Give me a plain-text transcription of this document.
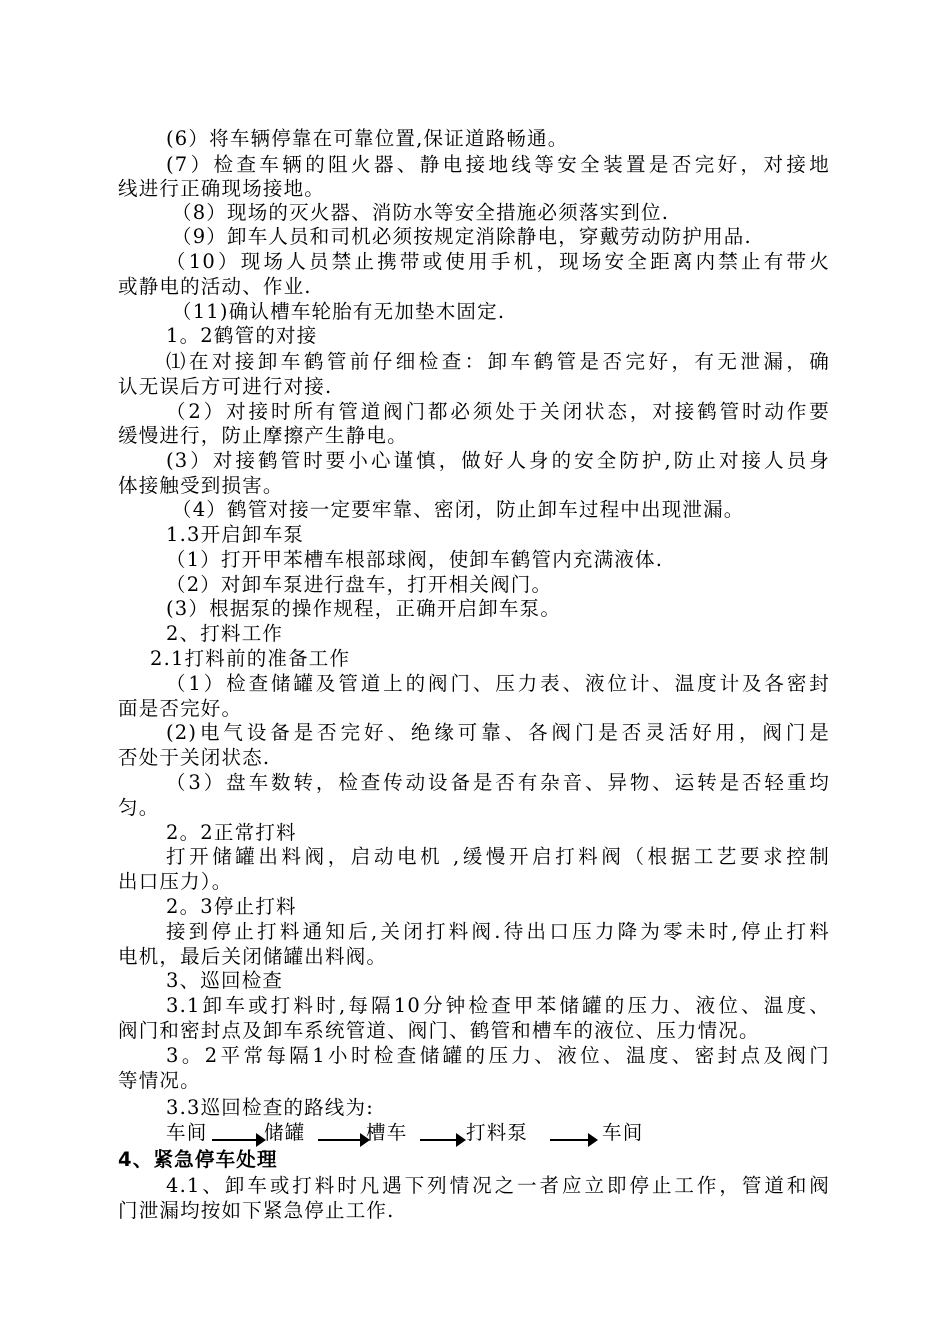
(6）将车辆停靠在可靠位置,保证道路畅通。
(7）检查车辆的阻火器、静电接地线等安全装置是否完好，对接地
线进行正确现场接地。
（8）现场的灭火器、消防水等安全措施必须落实到位.
（9）卸车人员和司机必须按规定消除静电，穿戴劳动防护用品.
（10）现场人员禁止携带或使用手机，现场安全距离内禁止有带火
或静电的活动、作业.
（11)确认槽车轮胎有无加垫木固定.
1。2鹤管的对接
⑴在对接卸车鹤管前仔细检查：卸车鹤管是否完好，有无泄漏，确
认无误后方可进行对接.
（2）对接时所有管道阀门都必须处于关闭状态，对接鹤管时动作要
缓慢进行，防止摩擦产生静电。
(3）对接鹤管时要小心谨慎，做好人身的安全防护,防止对接人员身
体接触受到损害。
（4）鹤管对接一定要牢靠、密闭，防止卸车过程中出现泄漏。
1.3开启卸车泵
（1）打开甲苯槽车根部球阀，使卸车鹤管内充满液体.
（2）对卸车泵进行盘车，打开相关阀门。
(3）根据泵的操作规程，正确开启卸车泵。
2、打料工作
2.1打料前的准备工作
（1）检查储罐及管道上的阀门、压力表、液位计、温度计及各密封
面是否完好。
(2)电气设备是否完好、绝缘可靠、各阀门是否灵活好用，阀门是
否处于关闭状态.
（3）盘车数转，检查传动设备是否有杂音、异物、运转是否轻重均
匀。
2。2正常打料
打开储罐出料阀，启动电机 ,缓慢开启打料阀（根据工艺要求控制
出口压力）。
2。3停止打料
接到停止打料通知后,关闭打料阀.待出口压力降为零未时,停止打料
电机，最后关闭储罐出料阀。
3、巡回检查
3.1卸车或打料时,每隔10分钟检查甲苯储罐的压力、液位、温度、
阀门和密封点及卸车系统管道、阀门、鹤管和槽车的液位、压力情况。
3。2平常每隔1小时检查储罐的压力、液位、温度、密封点及阀门
等情况。
3.3巡回检查的路线为:
车间	储罐	槽车	打料泵	车间
4、紧急停车处理
4.1、卸车或打料时凡遇下列情况之一者应立即停止工作，管道和阀
门泄漏均按如下紧急停止工作.
